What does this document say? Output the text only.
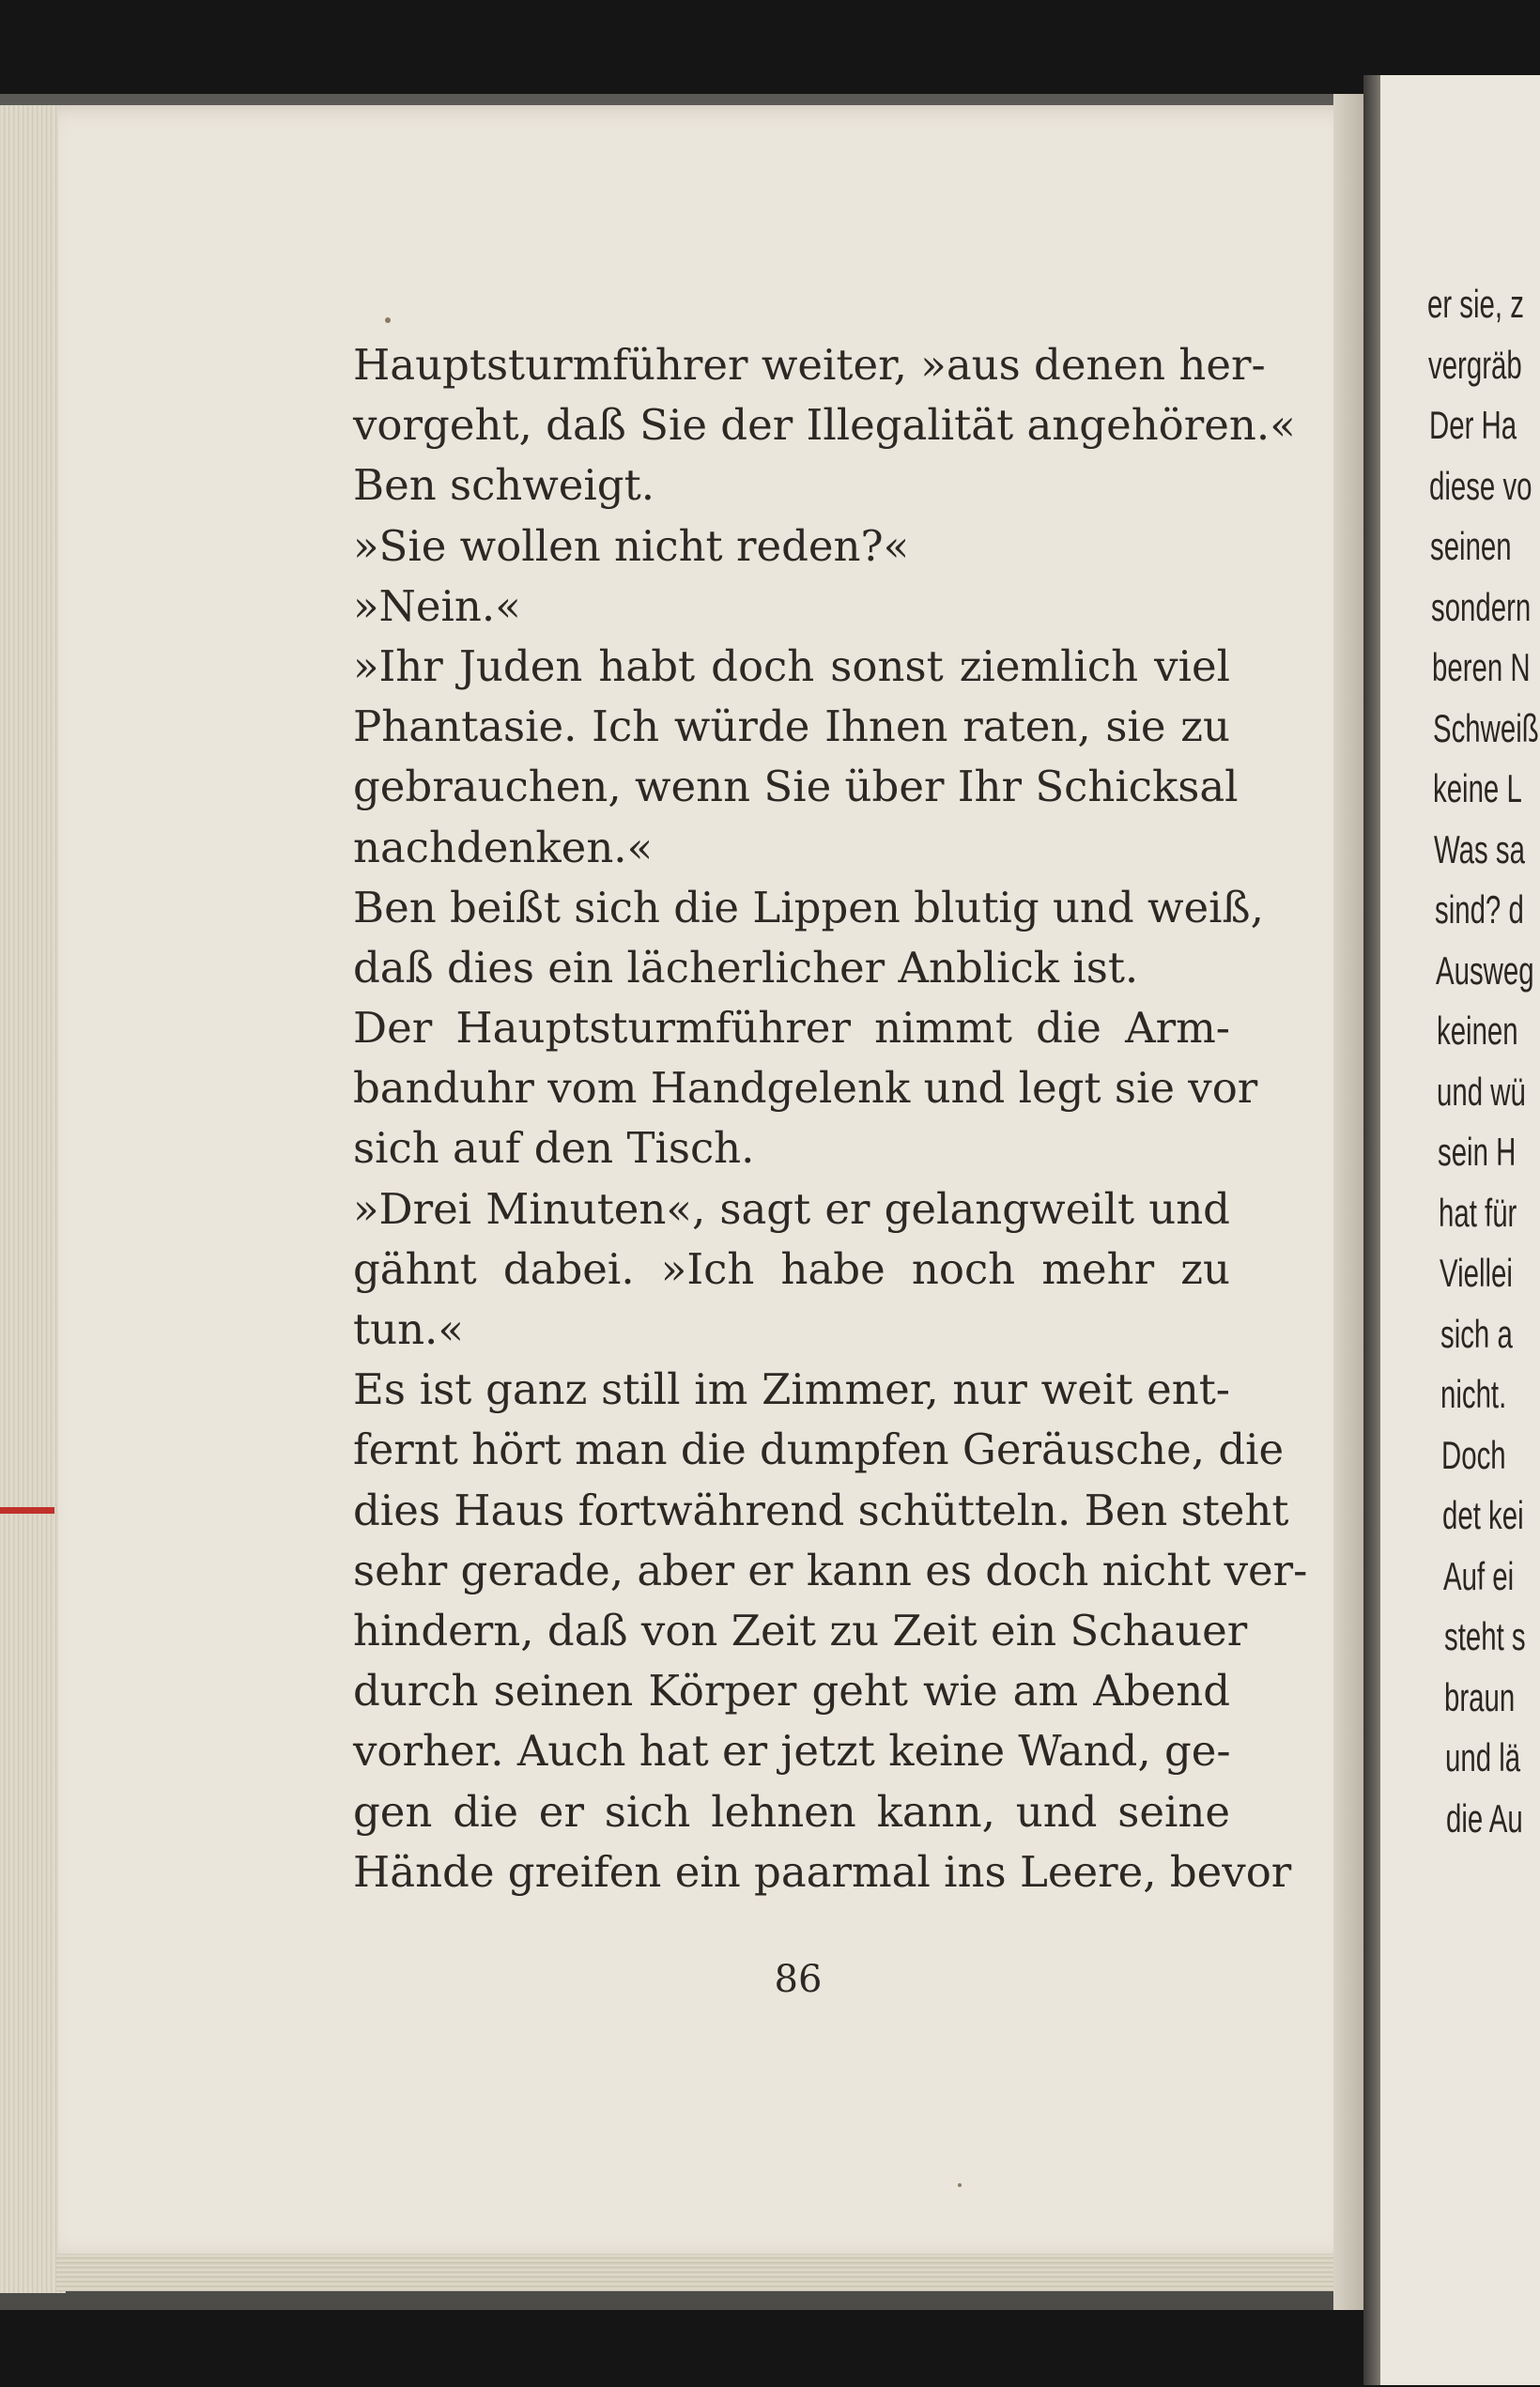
er sie, z
vergräb
Der Ha
diese vo
seinen
sondern
beren N
Schweiß
keine L
Was sa
sind? d
Ausweg
keinen
und wü
sein H
hat für
Viellei
sich a
nicht.
Doch
det kei
Auf ei
steht s
braun
und lä
die Au
Hauptsturmführer weiter, »aus denen her-
vorgeht, daß Sie der Illegalität angehören.«
Ben schweigt.
»Sie wollen nicht reden?«
»Nein.«
»Ihr Juden habt doch sonst ziemlich viel
Phantasie. Ich würde Ihnen raten, sie zu
gebrauchen, wenn Sie über Ihr Schicksal
nachdenken.«
Ben beißt sich die Lippen blutig und weiß,
daß dies ein lächerlicher Anblick ist.
Der Hauptsturmführer nimmt die Arm-
banduhr vom Handgelenk und legt sie vor
sich auf den Tisch.
»Drei Minuten«, sagt er gelangweilt und
gähnt dabei. »Ich habe noch mehr zu
tun.«
Es ist ganz still im Zimmer, nur weit ent-
fernt hört man die dumpfen Geräusche, die
dies Haus fortwährend schütteln. Ben steht
sehr gerade, aber er kann es doch nicht ver-
hindern, daß von Zeit zu Zeit ein Schauer
durch seinen Körper geht wie am Abend
vorher. Auch hat er jetzt keine Wand, ge-
gen die er sich lehnen kann, und seine
Hände greifen ein paarmal ins Leere, bevor
86
